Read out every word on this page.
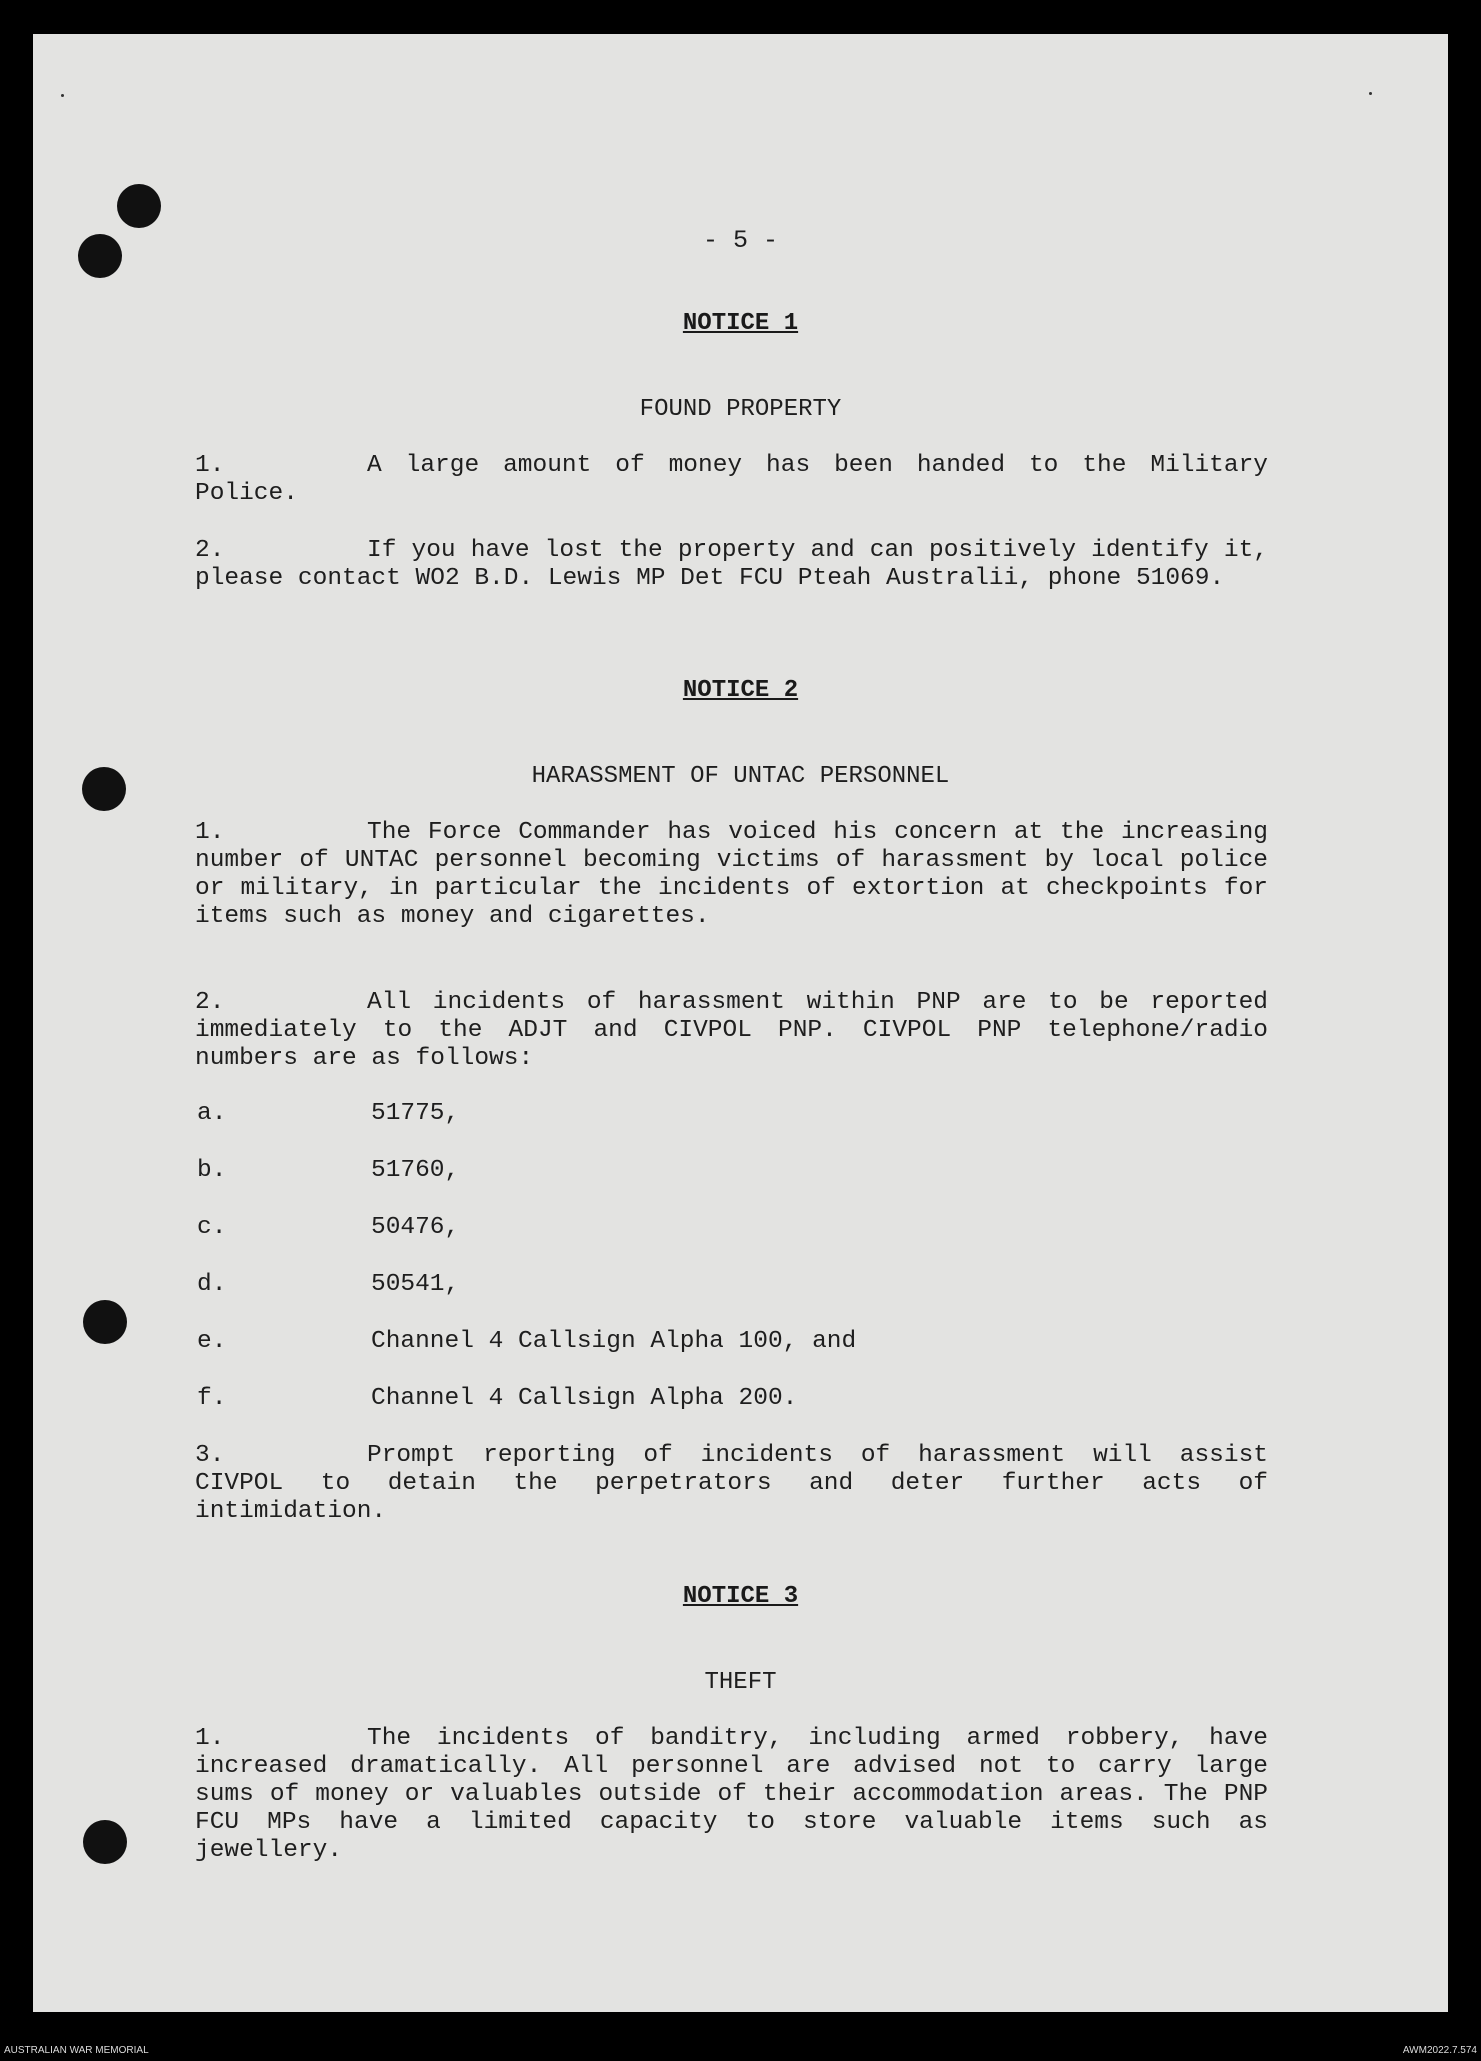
- 5 -
NOTICE 1
FOUND PROPERTY

1.	A large amount of money has been handed to the Military Police.

2.	If you have lost the property and can positively identify it, please contact WO2 B.D. Lewis MP Det FCU Pteah Australii, phone 51069.

NOTICE 2
HARASSMENT OF UNTAC PERSONNEL

1.	The Force Commander has voiced his concern at the increasing number of UNTAC personnel becoming victims of harassment by local police or military, in particular the incidents of extortion at checkpoints for items such as money and cigarettes.

2.	All incidents of harassment within PNP are to be reported immediately to the ADJT and CIVPOL PNP. CIVPOL PNP telephone/radio numbers are as follows:

a.	51775,
b.	51760,
c.	50476,
d.	50541,
e.	Channel 4 Callsign Alpha 100, and
f.	Channel 4 Callsign Alpha 200.

3.	Prompt reporting of incidents of harassment will assist CIVPOL to detain the perpetrators and deter further acts of intimidation.

NOTICE 3
THEFT

1.	The incidents of banditry, including armed robbery, have increased dramatically. All personnel are advised not to carry large sums of money or valuables outside of their accommodation areas. The PNP FCU MPs have a limited capacity to store valuable items such as jewellery.

AUSTRALIAN WAR MEMORIAL	AWM2022.7.574
